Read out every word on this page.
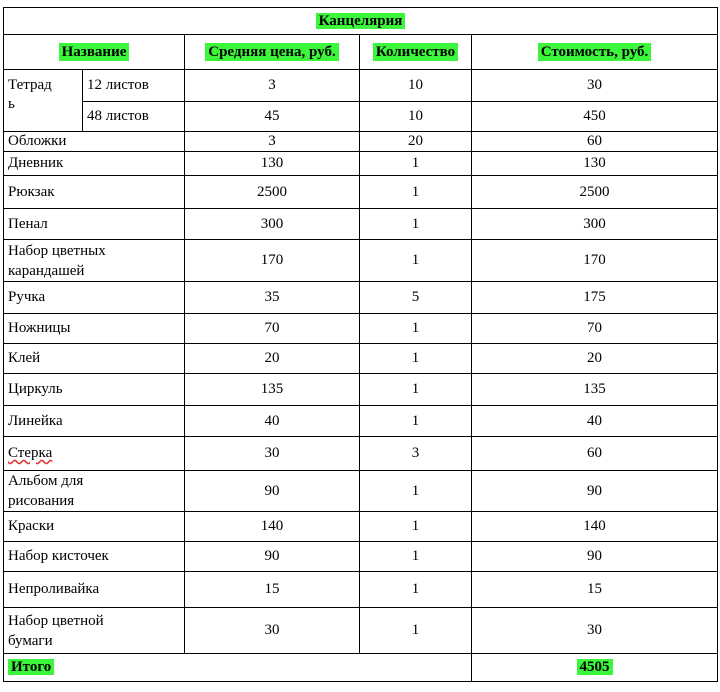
Канцелярия				
Название		Средняя цена, руб.	Количество	Стоимость, руб.
Тетрад
ь	12 листов	3	10	30
	48 листов	45	10	450
Обложки		3	20	60
Дневник		130	1	130
Рюкзак		2500	1	2500
Пенал		300	1	300
Набор цветных
карандашей		170	1	170
Ручка		35	5	175
Ножницы		70	1	70
Клей		20	1	20
Циркуль		135	1	135
Линейка		40	1	40
Стерка		30	3	60
Альбом для
рисования		90	1	90
Краски		140	1	140
Набор кисточек		90	1	90
Непроливайка		15	1	15
Набор цветной
бумаги		30	1	30
Итого				4505
